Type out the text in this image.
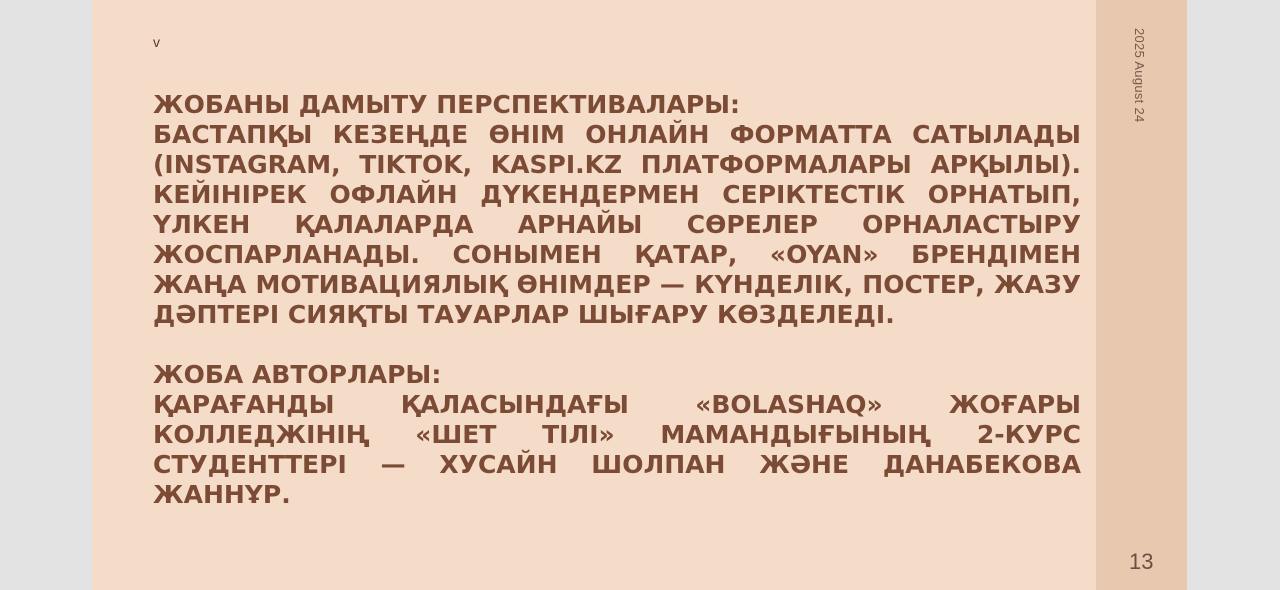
v
ЖОБАНЫ ДАМЫТУ ПЕРСПЕКТИВАЛАРЫ:
БАСТАПҚЫ КЕЗЕҢДЕ ӨНІМ ОНЛАЙН ФОРМАТТА САТЫЛАДЫ (INSTAGRAM, TIKTOK, KASPI.KZ ПЛАТФОРМАЛАРЫ АРҚЫЛЫ). КЕЙІНІРЕК ОФЛАЙН ДҮКЕНДЕРМЕН СЕРІКТЕСТІК ОРНАТЫП, ҮЛКЕН ҚАЛАЛАРДА АРНАЙЫ СӨРЕЛЕР ОРНАЛАСТЫРУ ЖОСПАРЛАНАДЫ. СОНЫМЕН ҚАТАР, «OYAN» БРЕНДІМЕН ЖАҢА МОТИВАЦИЯЛЫҚ ӨНІМДЕР — КҮНДЕЛІК, ПОСТЕР, ЖАЗУ ДӘПТЕРІ СИЯҚТЫ ТАУАРЛАР ШЫҒАРУ КӨЗДЕЛЕДІ.
ЖОБА АВТОРЛАРЫ:
ҚАРАҒАНДЫ ҚАЛАСЫНДАҒЫ «BOLASHAQ» ЖОҒАРЫ КОЛЛЕДЖІНІҢ «ШЕТ ТІЛІ» МАМАНДЫҒЫНЫҢ 2-КУРС СТУДЕНТТЕРІ — ХУСАЙН ШОЛПАН ЖӘНЕ ДАНАБЕКОВА ЖАННҰР.
2025 August 24
13
